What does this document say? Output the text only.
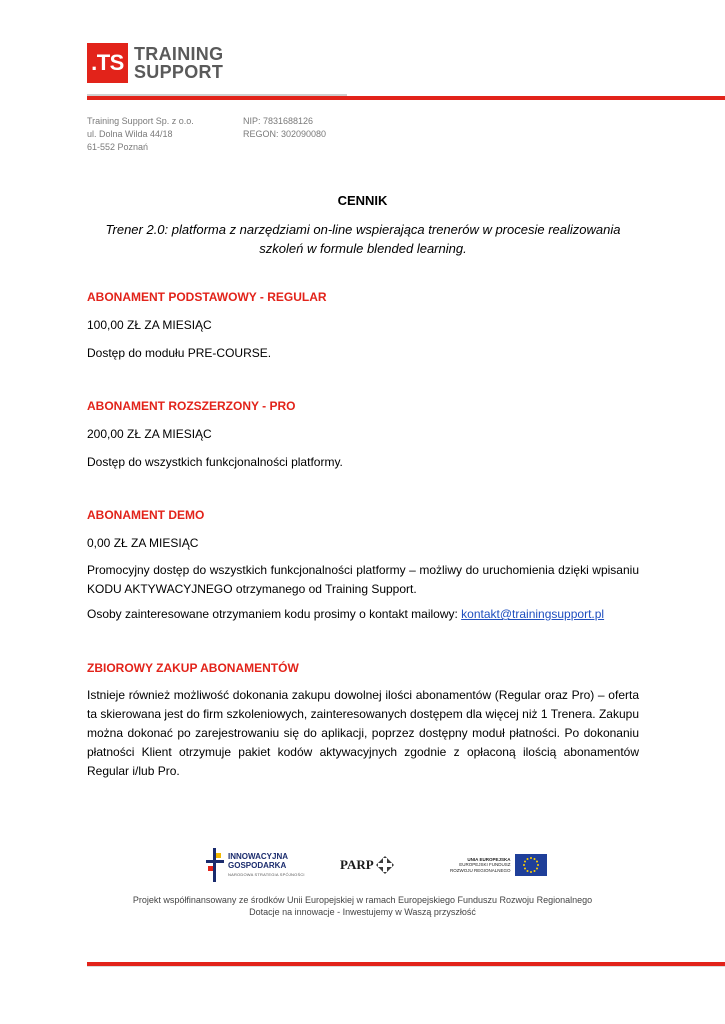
.TS TRAINING
SUPPORT
Training Support Sp. z o.o.
ul. Dolna Wilda 44/18
61-552 Poznań
NIP: 7831688126
REGON: 302090080
CENNIK
Trener 2.0: platforma z narzędziami on-line wspierająca trenerów w procesie realizowania szkoleń w formule blended learning.
ABONAMENT PODSTAWOWY - REGULAR
100,00 ZŁ ZA MIESIĄC
Dostęp do modułu PRE-COURSE.
ABONAMENT ROZSZERZONY - PRO
200,00 ZŁ ZA MIESIĄC
Dostęp do wszystkich funkcjonalności platformy.
ABONAMENT DEMO
0,00 ZŁ ZA MIESIĄC
Promocyjny dostęp do wszystkich funkcjonalności platformy – możliwy do uruchomienia dzięki wpisaniu KODU AKTYWACYJNEGO otrzymanego od Training Support.
Osoby zainteresowane otrzymaniem kodu prosimy o kontakt mailowy: kontakt@trainingsupport.pl
ZBIOROWY ZAKUP ABONAMENTÓW
Istnieje również możliwość dokonania zakupu dowolnej ilości abonamentów (Regular oraz Pro) – oferta ta skierowana jest do firm szkoleniowych, zainteresowanych dostępem dla więcej niż 1 Trenera. Zakupu można dokonać po zarejestrowaniu się do aplikacji, poprzez dostępny moduł płatności. Po dokonaniu płatności Klient otrzymuje pakiet kodów aktywacyjnych zgodnie z opłaconą ilością abonamentów Regular i/lub Pro.
INNOWACYJNA
GOSPODARKA
NARODOWA STRATEGIA SPÓJNOŚCI
PARP	UNIA EUROPEJSKA
EUROPEJSKI FUNDUSZ
ROZWOJU REGIONALNEGO
Projekt współfinansowany ze środków Unii Europejskiej w ramach Europejskiego Funduszu Rozwoju Regionalnego
Dotacje na innowacje - Inwestujemy w Waszą przyszłość
